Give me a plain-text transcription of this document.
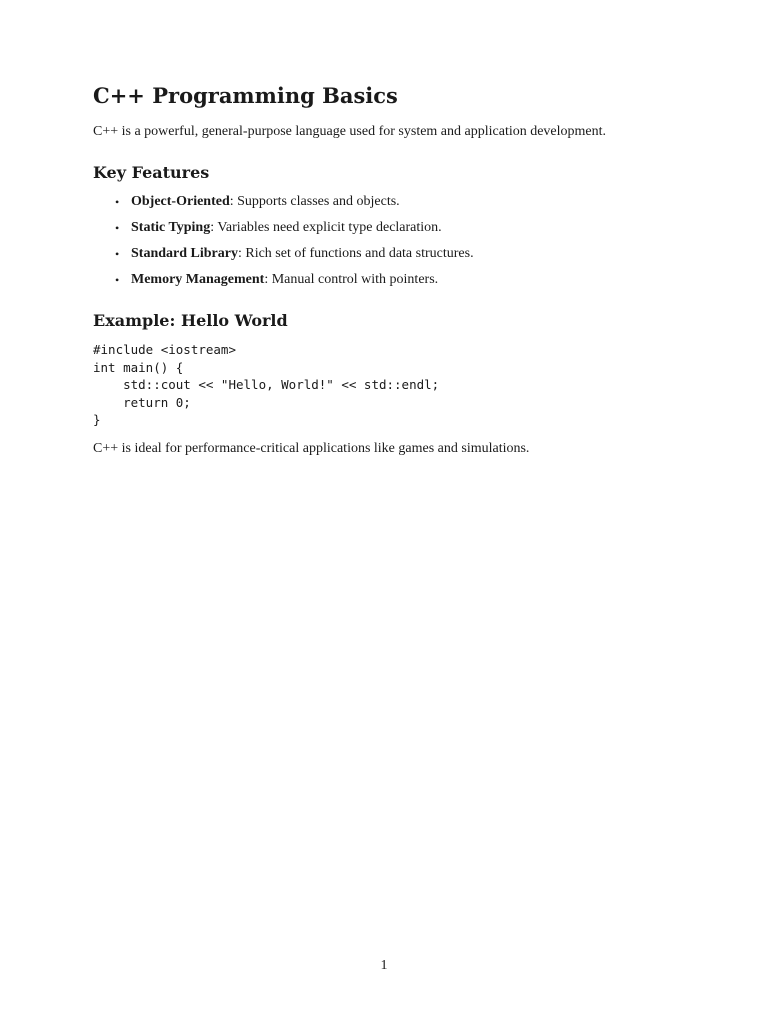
C++ Programming Basics

C++ is a powerful, general-purpose language used for system and application development.

Key Features
• Object-Oriented: Supports classes and objects.
• Static Typing: Variables need explicit type declaration.
• Standard Library: Rich set of functions and data structures.
• Memory Management: Manual control with pointers.
Example: Hello World
#include <iostream>
int main() {
std::cout << "Hello, World!" << std::endl;
return 0;
}

C++ is ideal for performance-critical applications like games and simulations.

1
